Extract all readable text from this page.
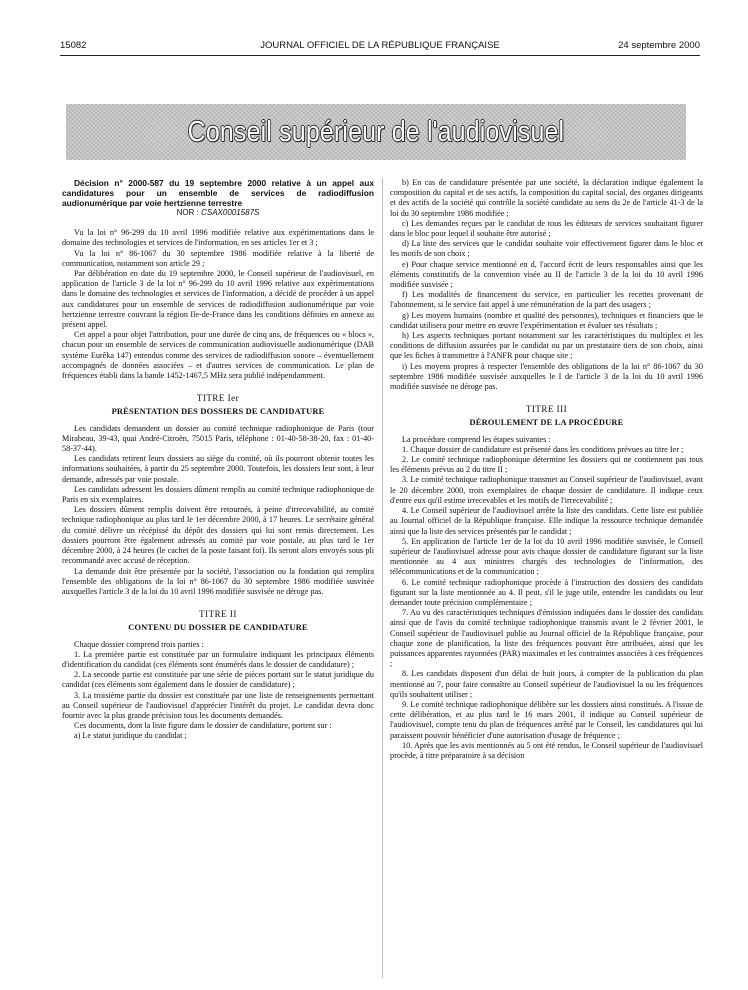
15082	JOURNAL OFFICIEL DE LA RÉPUBLIQUE FRANÇAISE	24 septembre 2000
Conseil supérieur de l'audiovisuel

Décision n° 2000-587 du 19 septembre 2000 relative à un appel aux candidatures pour un ensemble de services de radiodiffusion audionumérique par voie hertzienne terrestre

NOR : CSAX0001587S

Vu la loi n° 96-299 du 10 avril 1996 modifiée relative aux expérimentations dans le domaine des technologies et services de l'information, en ses articles 1er et 3 ;

Vu la loi n° 86-1067 du 30 septembre 1986 modifiée relative à la liberté de communication, notamment son article 29 ;

Par délibération en date du 19 septembre 2000, le Conseil supérieur de l'audiovisuel, en application de l'article 3 de la loi n° 96-299 du 10 avril 1996 relative aux expérimentations dans le domaine des technologies et services de l'information, a décidé de procéder à un appel aux candidatures pour un ensemble de services de radiodiffusion audionumérique par voie hertzienne terrestre couvrant la région Ile-de-France dans les conditions définies en annexe au présent appel.

Cet appel a pour objet l'attribution, pour une durée de cinq ans, de fréquences ou « blocs », chacun pour un ensemble de services de communication audiovisuelle audionumérique (DAB système Eurêka 147) entendus comme des services de radiodiffusion sonore – éventuellement accompagnés de données associées – et d'autres services de communication. Le plan de fréquences établi dans la bande 1452-1467,5 MHz sera publié indépendamment.

TITRE Ier
PRÉSENTATION DES DOSSIERS DE CANDIDATURE

Les candidats demandent un dossier au comité technique radiophonique de Paris (tour Mirabeau, 39-43, quai André-Citroën, 75015 Paris, téléphone : 01-40-58-38-20, fax : 01-40-58-37-44).

Les candidats retirent leurs dossiers au siège du comité, où ils pourront obtenir toutes les informations souhaitées, à partir du 25 septembre 2000. Toutefois, les dossiers leur sont, à leur demande, adressés par voie postale.

Les candidats adressent les dossiers dûment remplis au comité technique radiophonique de Paris en six exemplaires.

Les dossiers dûment remplis doivent être retournés, à peine d'irrecevabilité, au comité technique radiophonique au plus tard le 1er décembre 2000, à 17 heures. Le secrétaire général du comité délivre un récépissé du dépôt des dossiers qui lui sont remis directement. Les dossiers pourront être également adressés au comité par voie postale, au plus tard le 1er décembre 2000, à 24 heures (le cachet de la poste faisant foi). Ils seront alors envoyés sous pli recommandé avec accusé de réception.

La demande doit être présentée par la société, l'association ou la fondation qui remplira l'ensemble des obligations de la loi n° 86-1067 du 30 septembre 1986 modifiée susvisée auxquelles l'article 3 de la loi du 10 avril 1996 modifiée susvisée ne déroge pas.

TITRE II
CONTENU DU DOSSIER DE CANDIDATURE

Chaque dossier comprend trois parties :

1. La première partie est constituée par un formulaire indiquant les principaux éléments d'identification du candidat (ces éléments sont énumérés dans le dossier de candidature) ;

2. La seconde partie est constituée par une série de pièces portant sur le statut juridique du candidat (ces éléments sont également dans le dossier de candidature) ;

3. La troisième partie du dossier est constituée par une liste de renseignements permettant au Conseil supérieur de l'audiovisuel d'apprécier l'intérêt du projet. Le candidat devra donc fournir avec la plus grande précision tous les documents demandés.

Ces documents, dont la liste figure dans le dossier de candidature, portent sur :

a) Le statut juridique du candidat ;

b) En cas de candidature présentée par une société, la déclaration indique également la composition du capital et de ses actifs, la composition du capital social, des organes dirigeants et des actifs de la société qui contrôle la société candidate au sens du 2e de l'article 41-3 de la loi du 30 septembre 1986 modifiée ;

c) Les demandes reçues par le candidat de tous les éditeurs de services souhaitant figurer dans le bloc pour lequel il souhaite être autorisé ;

d) La liste des services que le candidat souhaite voir effectivement figurer dans le bloc et les motifs de son choix ;

e) Pour chaque service mentionné en d, l'accord écrit de leurs responsables ainsi que les éléments constitutifs de la convention visée au II de l'article 3 de la loi du 10 avril 1996 modifiée susvisée ;

f) Les modalités de financement du service, en particulier les recettes provenant de l'abonnement, si le service fait appel à une rémunération de la part des usagers ;

g) Les moyens humains (nombre et qualité des personnes), techniques et financiers que le candidat utilisera pour mettre en œuvre l'expérimentation et évaluer ses résultats ;

h) Les aspects techniques portant notamment sur les caractéristiques du multiplex et les conditions de diffusion assurées par le candidat ou par un prestataire tiers de son choix, ainsi que les fiches à transmettre à l'ANFR pour chaque site ;

i) Les moyens propres à respecter l'ensemble des obligations de la loi n° 86-1067 du 30 septembre 1986 modifiée susvisée auxquelles le I de l'article 3 de la loi du 10 avril 1996 modifiée susvisée ne déroge pas.

TITRE III
DÉROULEMENT DE LA PROCÉDURE

La procédure comprend les étapes suivantes :

1. Chaque dossier de candidature est présenté dans les conditions prévues au titre Ier ;

2. Le comité technique radiophonique détermine les dossiers qui ne contiennent pas tous les éléments prévus au 2 du titre II ;

3. Le comité technique radiophonique transmet au Conseil supérieur de l'audiovisuel, avant le 20 décembre 2000, trois exemplaires de chaque dossier de candidature. Il indique ceux d'entre eux qu'il estime irrecevables et les motifs de l'irrecevabilité ;

4. Le Conseil supérieur de l'audiovisuel arrête la liste des candidats. Cette liste est publiée au Journal officiel de la République française. Elle indique la ressource technique demandée ainsi que la liste des services présentés par le candidat ;

5. En application de l'article 1er de la loi du 10 avril 1996 modifiée susvisée, le Conseil supérieur de l'audiovisuel adresse pour avis chaque dossier de candidature figurant sur la liste mentionnée au 4 aux ministres chargés des technologies de l'information, des télécommunications et de la communication ;

6. Le comité technique radiophonique procède à l'instruction des dossiers des candidats figurant sur la liste mentionnée au 4. Il peut, s'il le juge utile, entendre les candidats ou leur demander toute précision complémentaire ;

7. Au vu des caractéristiques techniques d'émission indiquées dans le dossier des candidats ainsi que de l'avis du comité technique radiophonique transmis avant le 2 février 2001, le Conseil supérieur de l'audiovisuel publie au Journal officiel de la République française, pour chaque zone de planification, la liste des fréquences pouvant être attribuées, ainsi que les puissances apparentes rayonnées (PAR) maximales et les contraintes associées à ces fréquences ;

8. Les candidats disposent d'un délai de huit jours, à compter de la publication du plan mentionné au 7, pour faire connaître au Conseil supérieur de l'audiovisuel la ou les fréquences qu'ils souhaitent utiliser ;

9. Le comité technique radiophonique délibère sur les dossiers ainsi constitués. A l'issue de cette délibération, et au plus tard le 16 mars 2001, il indique au Conseil supérieur de l'audiovisuel, compte tenu du plan de fréquences arrêté par le Conseil, les candidatures qui lui paraissent pouvoir bénéficier d'une autorisation d'usage de fréquence ;

10. Après que les avis mentionnés au 5 ont été rendus, le Conseil supérieur de l'audiovisuel procède, à titre préparatoire à sa décision
